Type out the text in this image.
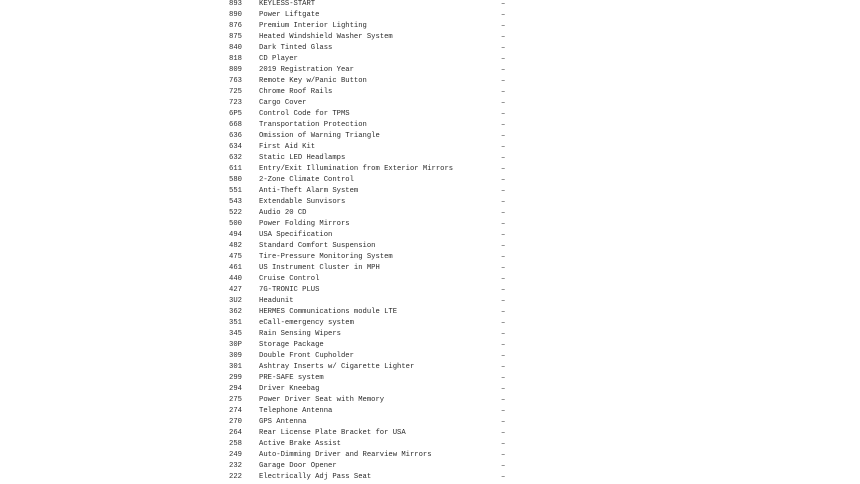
893 KEYLESS-START	–
890 Power Liftgate	–
876 Premium Interior Lighting	–
875 Heated Windshield Washer System	–
840 Dark Tinted Glass	–
818 CD Player	–
809 2019 Registration Year	–
763 Remote Key w/Panic Button	–
725 Chrome Roof Rails	–
723 Cargo Cover	–
6P5 Control Code for TPMS	–
668 Transportation Protection	–
636 Omission of Warning Triangle	–
634 First Aid Kit	–
632 Static LED Headlamps	–
611 Entry/Exit Illumination from Exterior Mirrors	–
580 2-Zone Climate Control	–
551 Anti-Theft Alarm System	–
543 Extendable Sunvisors	–
522 Audio 20 CD	–
500 Power Folding Mirrors	–
494 USA Specification	–
482 Standard Comfort Suspension	–
475 Tire-Pressure Monitoring System	–
461 US Instrument Cluster in MPH	–
440 Cruise Control	–
427 7G-TRONIC PLUS	–
3U2 Headunit	–
362 HERMES Communications module LTE	–
351 eCall-emergency system	–
345 Rain Sensing Wipers	–
30P Storage Package	–
309 Double Front Cupholder	–
301 Ashtray Inserts w/ Cigarette Lighter	–
299 PRE-SAFE system	–
294 Driver Kneebag	–
275 Power Driver Seat with Memory	–
274 Telephone Antenna	–
270 GPS Antenna	–
264 Rear License Plate Bracket for USA	–
258 Active Brake Assist	–
249 Auto-Dimming Driver and Rearview Mirrors	–
232 Garage Door Opener	–
222 Electrically Adj Pass Seat	–
